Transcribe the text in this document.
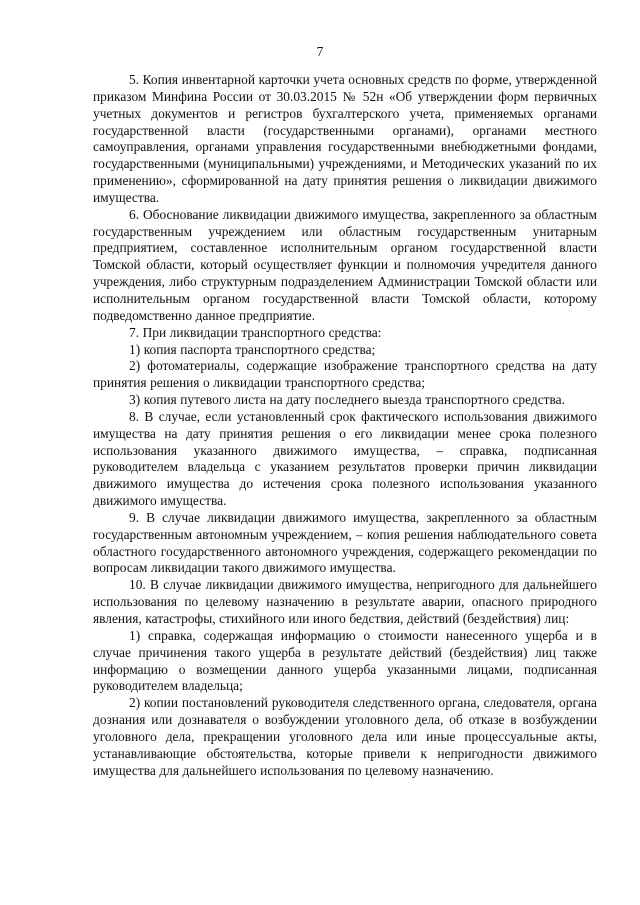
7

5. Копия инвентарной карточки учета основных средств по форме, утвержденной приказом Минфина России от 30.03.2015 № 52н «Об утверждении форм первичных учетных документов и регистров бухгалтерского учета, применяемых органами государственной власти (государственными органами), органами местного самоуправления, органами управления государственными внебюджетными фондами, государственными (муниципальными) учреждениями, и Методических указаний по их применению», сформированной на дату принятия решения о ликвидации движимого имущества.

6. Обоснование ликвидации движимого имущества, закрепленного за областным государственным учреждением или областным государственным унитарным предприятием, составленное исполнительным органом государственной власти Томской области, который осуществляет функции и полномочия учредителя данного учреждения, либо структурным подразделением Администрации Томской области или исполнительным органом государственной власти Томской области, которому подведомственно данное предприятие.

7. При ликвидации транспортного средства:

1) копия паспорта транспортного средства;

2) фотоматериалы, содержащие изображение транспортного средства на дату принятия решения о ликвидации транспортного средства;

3) копия путевого листа на дату последнего выезда транспортного средства.

8. В случае, если установленный срок фактического использования движимого имущества на дату принятия решения о его ликвидации менее срока полезного использования указанного движимого имущества, – справка, подписанная руководителем владельца с указанием результатов проверки причин ликвидации движимого имущества до истечения срока полезного использования указанного движимого имущества.

9. В случае ликвидации движимого имущества, закрепленного за областным государственным автономным учреждением, – копия решения наблюдательного совета областного государственного автономного учреждения, содержащего рекомендации по вопросам ликвидации такого движимого имущества.

10. В случае ликвидации движимого имущества, непригодного для дальнейшего использования по целевому назначению в результате аварии, опасного природного явления, катастрофы, стихийного или иного бедствия, действий (бездействия) лиц:

1) справка, содержащая информацию о стоимости нанесенного ущерба и в случае причинения такого ущерба в результате действий (бездействия) лиц также информацию о возмещении данного ущерба указанными лицами, подписанная руководителем владельца;

2) копии постановлений руководителя следственного органа, следователя, органа дознания или дознавателя о возбуждении уголовного дела, об отказе в возбуждении уголовного дела, прекращении уголовного дела или иные процессуальные акты, устанавливающие обстоятельства, которые привели к непригодности движимого имущества для дальнейшего использования по целевому назначению.
